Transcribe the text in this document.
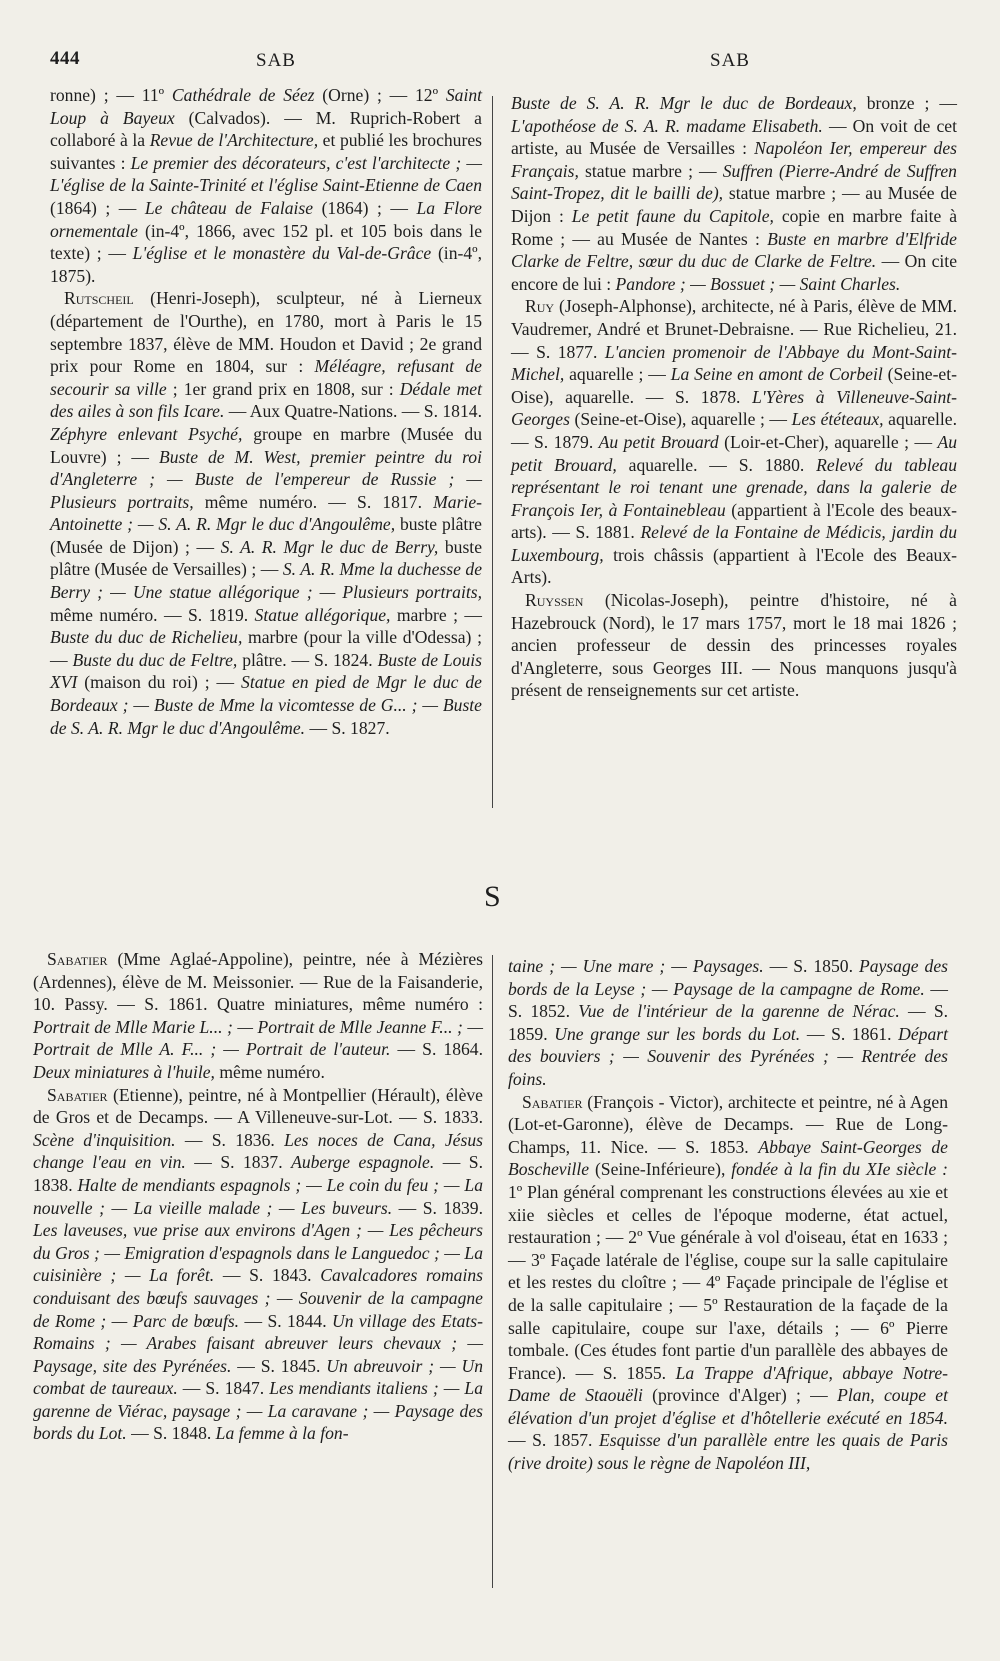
444	SAB	SAB

ronne) ; — 11º Cathédrale de Séez (Orne) ; — 12º Saint Loup à Bayeux (Calvados). — M. Ruprich-Robert a collaboré à la Revue de l'Architecture, et publié les brochures suivantes : Le premier des décorateurs, c'est l'architecte ; — L'église de la Sainte-Trinité et l'église Saint-Etienne de Caen (1864) ; — Le château de Falaise (1864) ; — La Flore ornementale (in-4º, 1866, avec 152 pl. et 105 bois dans le texte) ; — L'église et le monastère du Val-de-Grâce (in-4º, 1875).

Rutscheil (Henri-Joseph), sculpteur, né à Lierneux (département de l'Ourthe), en 1780, mort à Paris le 15 septembre 1837, élève de MM. Houdon et David ; 2e grand prix pour Rome en 1804, sur : Méléagre, refusant de secourir sa ville ; 1er grand prix en 1808, sur : Dédale met des ailes à son fils Icare. — Aux Quatre-Nations. — S. 1814. Zéphyre enlevant Psyché, groupe en marbre (Musée du Louvre) ; — Buste de M. West, premier peintre du roi d'Angleterre ; — Buste de l'empereur de Russie ; — Plusieurs portraits, même numéro. — S. 1817. Marie-Antoinette ; — S. A. R. Mgr le duc d'Angoulême, buste plâtre (Musée de Dijon) ; — S. A. R. Mgr le duc de Berry, buste plâtre (Musée de Versailles) ; — S. A. R. Mme la duchesse de Berry ; — Une statue allégorique ; — Plusieurs portraits, même numéro. — S. 1819. Statue allégorique, marbre ; — Buste du duc de Richelieu, marbre (pour la ville d'Odessa) ; — Buste du duc de Feltre, plâtre. — S. 1824. Buste de Louis XVI (maison du roi) ; — Statue en pied de Mgr le duc de Bordeaux ; — Buste de Mme la vicomtesse de G... ; — Buste de S. A. R. Mgr le duc d'Angoulême. — S. 1827.

Buste de S. A. R. Mgr le duc de Bordeaux, bronze ; — L'apothéose de S. A. R. madame Elisabeth. — On voit de cet artiste, au Musée de Versailles : Napoléon Ier, empereur des Français, statue marbre ; — Suffren (Pierre-André de Suffren Saint-Tropez, dit le bailli de), statue marbre ; — au Musée de Dijon : Le petit faune du Capitole, copie en marbre faite à Rome ; — au Musée de Nantes : Buste en marbre d'Elfride Clarke de Feltre, sœur du duc de Clarke de Feltre. — On cite encore de lui : Pandore ; — Bossuet ; — Saint Charles.

Ruy (Joseph-Alphonse), architecte, né à Paris, élève de MM. Vaudremer, André et Brunet-Debraisne. — Rue Richelieu, 21. — S. 1877. L'ancien promenoir de l'Abbaye du Mont-Saint-Michel, aquarelle ; — La Seine en amont de Corbeil (Seine-et-Oise), aquarelle. — S. 1878. L'Yères à Villeneuve-Saint-Georges (Seine-et-Oise), aquarelle ; — Les ététeaux, aquarelle. — S. 1879. Au petit Brouard (Loir-et-Cher), aquarelle ; — Au petit Brouard, aquarelle. — S. 1880. Relevé du tableau représentant le roi tenant une grenade, dans la galerie de François Ier, à Fontainebleau (appartient à l'Ecole des beaux-arts). — S. 1881. Relevé de la Fontaine de Médicis, jardin du Luxembourg, trois châssis (appartient à l'Ecole des Beaux-Arts).

Ruyssen (Nicolas-Joseph), peintre d'histoire, né à Hazebrouck (Nord), le 17 mars 1757, mort le 18 mai 1826 ; ancien professeur de dessin des princesses royales d'Angleterre, sous Georges III. — Nous manquons jusqu'à présent de renseignements sur cet artiste.

S

Sabatier (Mme Aglaé-Appoline), peintre, née à Mézières (Ardennes), élève de M. Meissonier. — Rue de la Faisanderie, 10. Passy. — S. 1861. Quatre miniatures, même numéro : Portrait de Mlle Marie L... ; — Portrait de Mlle Jeanne F... ; — Portrait de Mlle A. F... ; — Portrait de l'auteur. — S. 1864. Deux miniatures à l'huile, même numéro.

Sabatier (Etienne), peintre, né à Montpellier (Hérault), élève de Gros et de Decamps. — A Villeneuve-sur-Lot. — S. 1833. Scène d'inquisition. — S. 1836. Les noces de Cana, Jésus change l'eau en vin. — S. 1837. Auberge espagnole. — S. 1838. Halte de mendiants espagnols ; — Le coin du feu ; — La nouvelle ; — La vieille malade ; — Les buveurs. — S. 1839. Les laveuses, vue prise aux environs d'Agen ; — Les pêcheurs du Gros ; — Emigration d'espagnols dans le Languedoc ; — La cuisinière ; — La forêt. — S. 1843. Cavalcadores romains conduisant des bœufs sauvages ; — Souvenir de la campagne de Rome ; — Parc de bœufs. — S. 1844. Un village des Etats-Romains ; — Arabes faisant abreuver leurs chevaux ; — Paysage, site des Pyrénées. — S. 1845. Un abreuvoir ; — Un combat de taureaux. — S. 1847. Les mendiants italiens ; — La garenne de Viérac, paysage ; — La caravane ; — Paysage des bords du Lot. — S. 1848. La femme à la fon-

taine ; — Une mare ; — Paysages. — S. 1850. Paysage des bords de la Leyse ; — Paysage de la campagne de Rome. — S. 1852. Vue de l'intérieur de la garenne de Nérac. — S. 1859. Une grange sur les bords du Lot. — S. 1861. Départ des bouviers ; — Souvenir des Pyrénées ; — Rentrée des foins.

Sabatier (François - Victor), architecte et peintre, né à Agen (Lot-et-Garonne), élève de Decamps. — Rue de Long-Champs, 11. Nice. — S. 1853. Abbaye Saint-Georges de Boscheville (Seine-Inférieure), fondée à la fin du XIe siècle : 1º Plan général comprenant les constructions élevées au xie et xiie siècles et celles de l'époque moderne, état actuel, restauration ; — 2º Vue générale à vol d'oiseau, état en 1633 ; — 3º Façade latérale de l'église, coupe sur la salle capitulaire et les restes du cloître ; — 4º Façade principale de l'église et de la salle capitulaire ; — 5º Restauration de la façade de la salle capitulaire, coupe sur l'axe, détails ; — 6º Pierre tombale. (Ces études font partie d'un parallèle des abbayes de France). — S. 1855. La Trappe d'Afrique, abbaye Notre-Dame de Staouëli (province d'Alger) ; — Plan, coupe et élévation d'un projet d'église et d'hôtellerie exécuté en 1854. — S. 1857. Esquisse d'un parallèle entre les quais de Paris (rive droite) sous le règne de Napoléon III,
